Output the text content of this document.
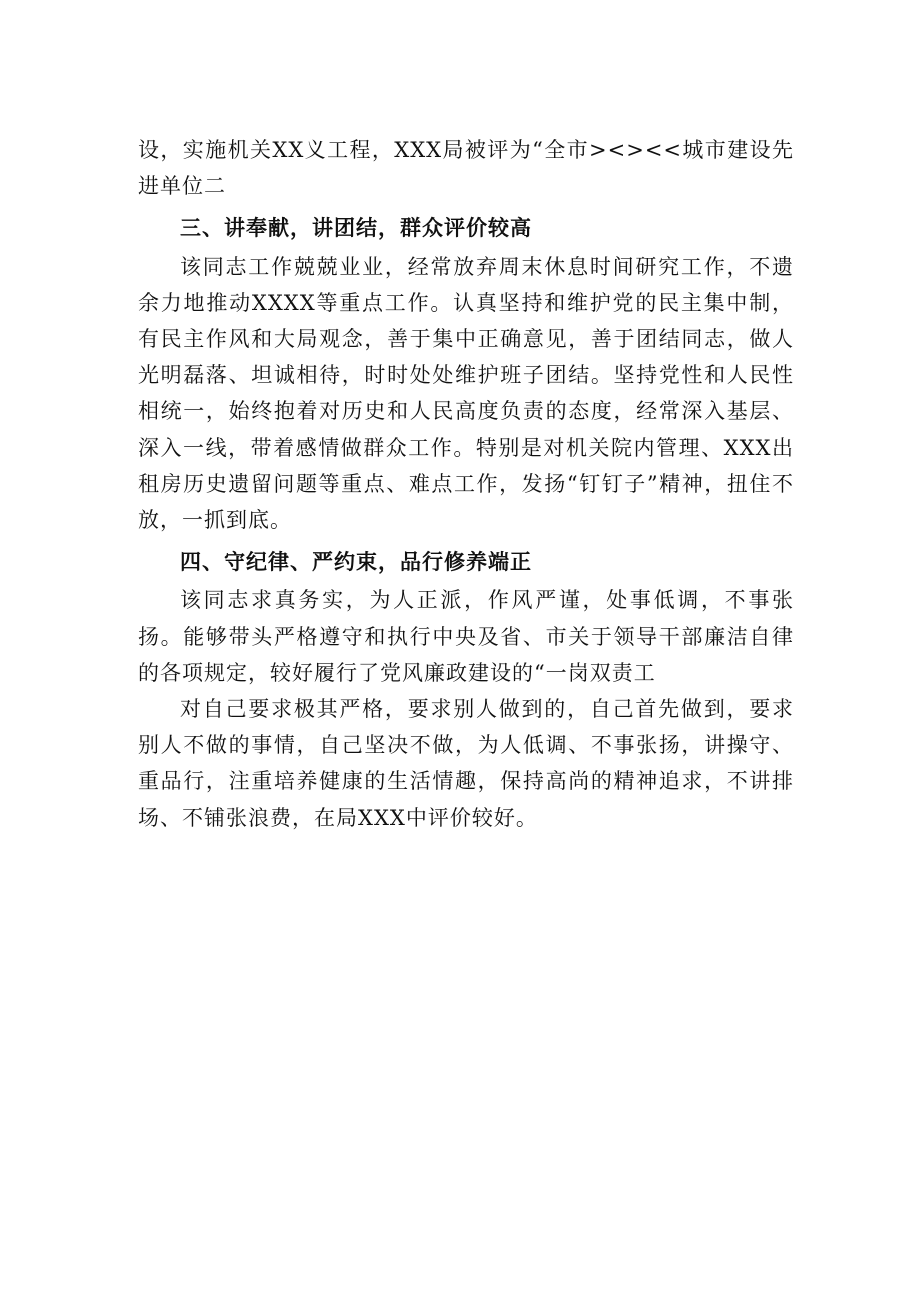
设，实施机关XX义工程，XXX局被评为“全市><><<城市建设先进单位二

三、讲奉献，讲团结，群众评价较高

该同志工作兢兢业业，经常放弃周末休息时间研究工作，不遗余力地推动XXXX等重点工作。认真坚持和维护党的民主集中制，有民主作风和大局观念，善于集中正确意见，善于团结同志，做人光明磊落、坦诚相待，时时处处维护班子团结。坚持党性和人民性相统一，始终抱着对历史和人民高度负责的态度，经常深入基层、深入一线，带着感情做群众工作。特别是对机关院内管理、XXX出租房历史遗留问题等重点、难点工作，发扬“钉钉子”精神，扭住不放，一抓到底。

四、守纪律、严约束，品行修养端正

该同志求真务实，为人正派，作风严谨，处事低调，不事张扬。能够带头严格遵守和执行中央及省、市关于领导干部廉洁自律的各项规定，较好履行了党风廉政建设的“一岗双责工

对自己要求极其严格，要求别人做到的，自己首先做到，要求别人不做的事情，自己坚决不做，为人低调、不事张扬，讲操守、重品行，注重培养健康的生活情趣，保持高尚的精神追求，不讲排场、不铺张浪费，在局XXX中评价较好。
